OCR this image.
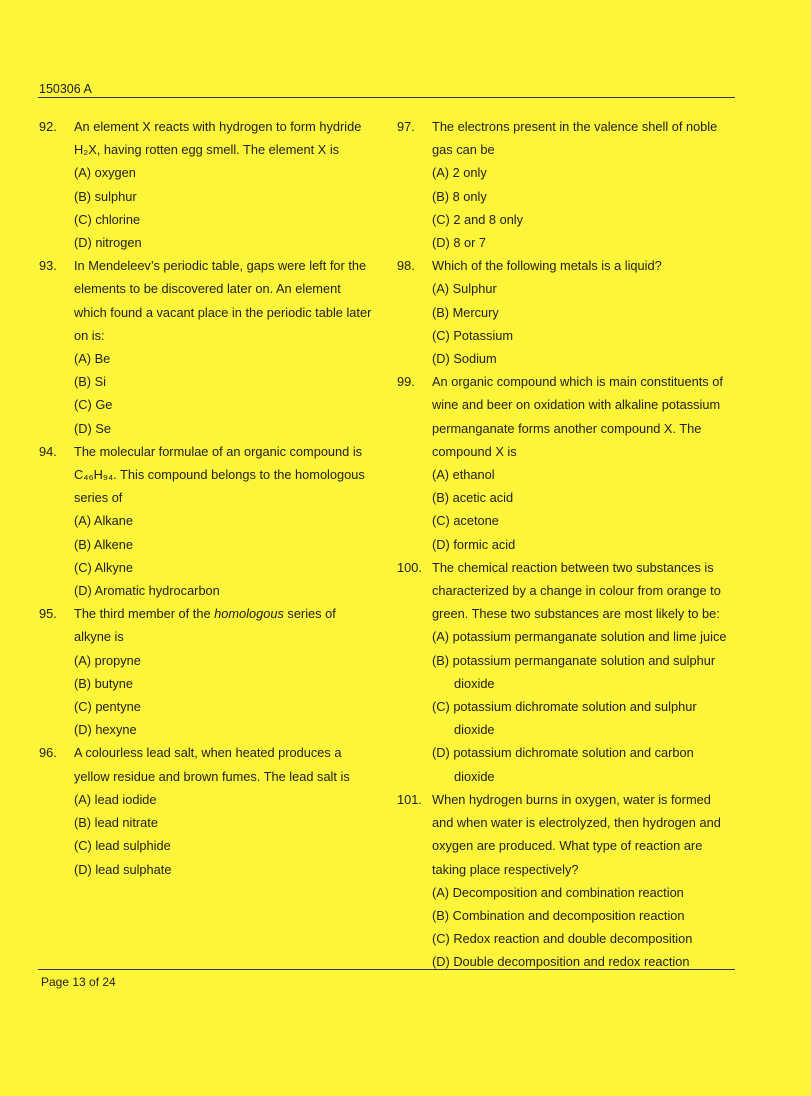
150306 A
92. An element X reacts with hydrogen to form hydride
H₂X, having rotten egg smell. The element X is
(A) oxygen
(B) sulphur
(C) chlorine
(D) nitrogen
93. In Mendeleev’s periodic table, gaps were left for the
elements to be discovered later on. An element
which found a vacant place in the periodic table later
on is:
(A) Be
(B) Si
(C) Ge
(D) Se
94. The molecular formulae of an organic compound is
C₄₆H₉₄. This compound belongs to the homologous
series of
(A) Alkane
(B) Alkene
(C) Alkyne
(D) Aromatic hydrocarbon
95. The third member of the homologous series of
alkyne is
(A) propyne
(B) butyne
(C) pentyne
(D) hexyne
96. A colourless lead salt, when heated produces a
yellow residue and brown fumes. The lead salt is
(A) lead iodide
(B) lead nitrate
(C) lead sulphide
(D) lead sulphate
97. The electrons present in the valence shell of noble
gas can be
(A) 2 only
(B) 8 only
(C) 2 and 8 only
(D) 8 or 7
98. Which of the following metals is a liquid?
(A) Sulphur
(B) Mercury
(C) Potassium
(D) Sodium
99. An organic compound which is main constituents of
wine and beer on oxidation with alkaline potassium
permanganate forms another compound X. The
compound X is
(A) ethanol
(B) acetic acid
(C) acetone
(D) formic acid
100. The chemical reaction between two substances is
characterized by a change in colour from orange to
green. These two substances are most likely to be:
(A) potassium permanganate solution and lime juice
(B) potassium permanganate solution and sulphur
dioxide
(C) potassium dichromate solution and sulphur
dioxide
(D) potassium dichromate solution and carbon
dioxide
101. When hydrogen burns in oxygen, water is formed
and when water is electrolyzed, then hydrogen and
oxygen are produced. What type of reaction are
taking place respectively?
(A) Decomposition and combination reaction
(B) Combination and decomposition reaction
(C) Redox reaction and double decomposition
(D) Double decomposition and redox reaction
Page 13 of 24
